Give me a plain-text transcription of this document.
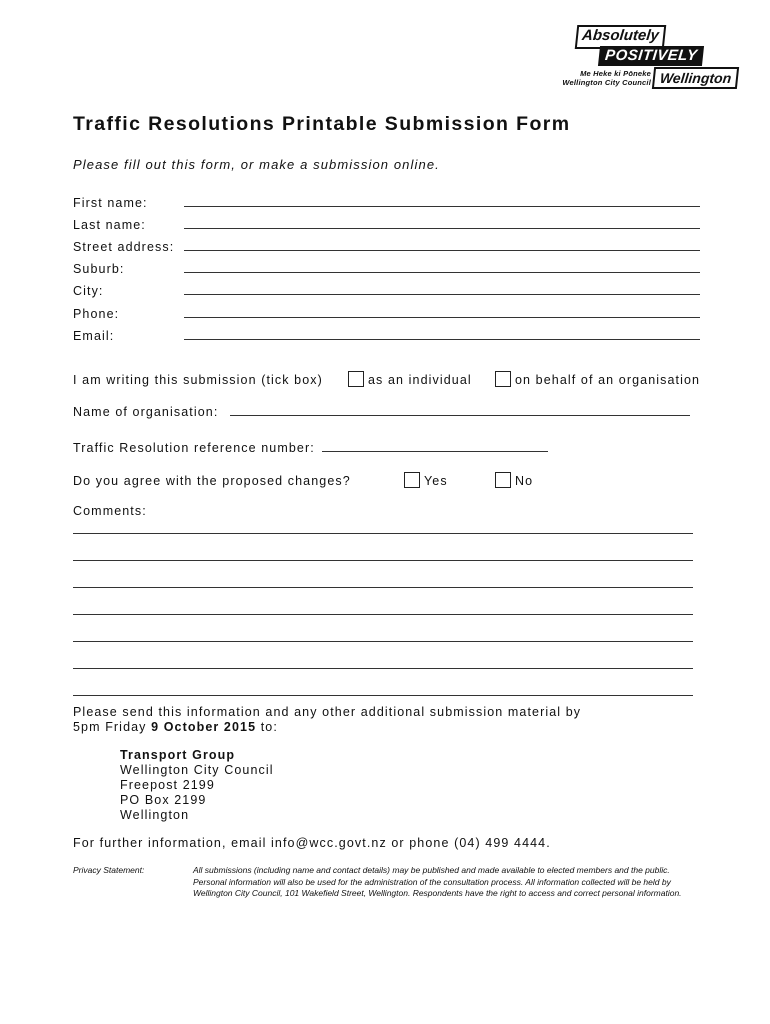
Absolutely
POSITIVELY
Me Heke ki Pōneke
Wellington City Council Wellington
Traffic Resolutions Printable Submission Form
Please fill out this form, or make a submission online.
First name:
Last name:
Street address:
Suburb:
City:
Phone:
Email:
I am writing this submission (tick box)	as an individual	on behalf of an organisation
Name of organisation:
Traffic Resolution reference number:
Do you agree with the proposed changes?	Yes	No
Comments:
Please send this information and any other additional submission material by
5pm Friday 9 October 2015 to:
Transport Group
Wellington City Council
Freepost 2199
PO Box 2199
Wellington
For further information, email info@wcc.govt.nz or phone (04) 499 4444.
Privacy Statement:	All submissions (including name and contact details) may be published and made available to elected members and the public. Personal information will also be used for the administration of the consultation process. All information collected will be held by Wellington City Council, 101 Wakefield Street, Wellington. Respondents have the right to access and correct personal information.
